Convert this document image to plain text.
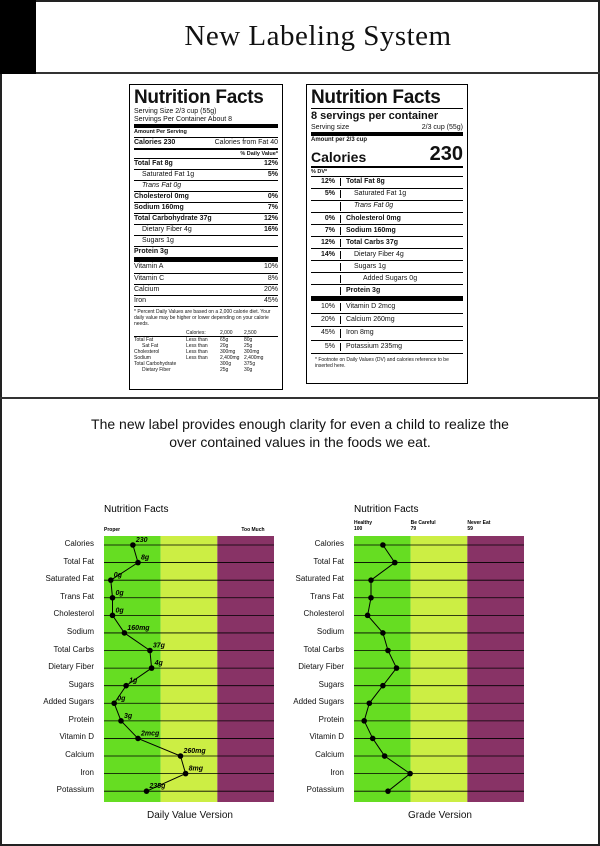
New Labeling System
Nutrition Facts
Serving Size 2/3 cup (55g)
Servings Per Container About 8
Amount Per Serving
Calories 230	Calories from Fat 40
% Daily Value*
Total Fat 8g	12%
Saturated Fat 1g	5%
Trans Fat 0g
Cholesterol 0mg	0%
Sodium 160mg	7%
Total Carbohydrate 37g	12%
Dietary Fiber 4g	16%
Sugars 1g
Protein 3g
Vitamin A	10%
Vitamin C	8%
Calcium	20%
Iron	45%
* Percent Daily Values are based on a 2,000 calorie diet. Your daily value may be higher or lower depending on your calorie needs.
Calories:	2,000	2,500
Total Fat	Less than	65g	80g
Sat Fat	Less than	20g	25g
Cholesterol	Less than	300mg	300mg
Sodium	Less than	2,400mg 2,400mg
Total Carbohydrate	300g	375g
Dietary Fiber	25g	30g
Nutrition Facts
8 servings per container
Serving size	2/3 cup (55g)
Amount per 2/3 cup
Calories	230
% DV*
12%	Total Fat 8g
5%	Saturated Fat 1g
Trans Fat 0g
0%	Cholesterol 0mg
7%	Sodium 160mg
12%	Total Carbs 37g
14%	Dietary Fiber 4g
Sugars 1g
Added Sugars 0g
Protein 3g
10%	Vitamin D 2mcg
20%	Calcium 260mg
45%	Iron 8mg
5%	Potassium 235mg
* Footnote on Daily Values (DV) and calories reference to be inserted here.
The new label provides enough clarity for even a child to realize the over contained values in the foods we eat.
Nutrition Facts
Proper	Too Much
230
8g
0g
0g
0g
160mg
37g
4g
1g
0g
3g
2mcg
260mg
8mg
235g
Calories
Total Fat
Saturated Fat
Trans Fat
Cholesterol
Sodium
Total Carbs
Dietary Fiber
Sugars
Added Sugars
Protein
Vitamin D
Calcium
Iron
Potassium
Daily Value Version
Nutrition Facts
Healthy
100
Be Careful
79
Never Eat
59
Calories
Total Fat
Saturated Fat
Trans Fat
Cholesterol
Sodium
Total Carbs
Dietary Fiber
Sugars
Added Sugars
Protein
Vitamin D
Calcium
Iron
Potassium
Grade Version
